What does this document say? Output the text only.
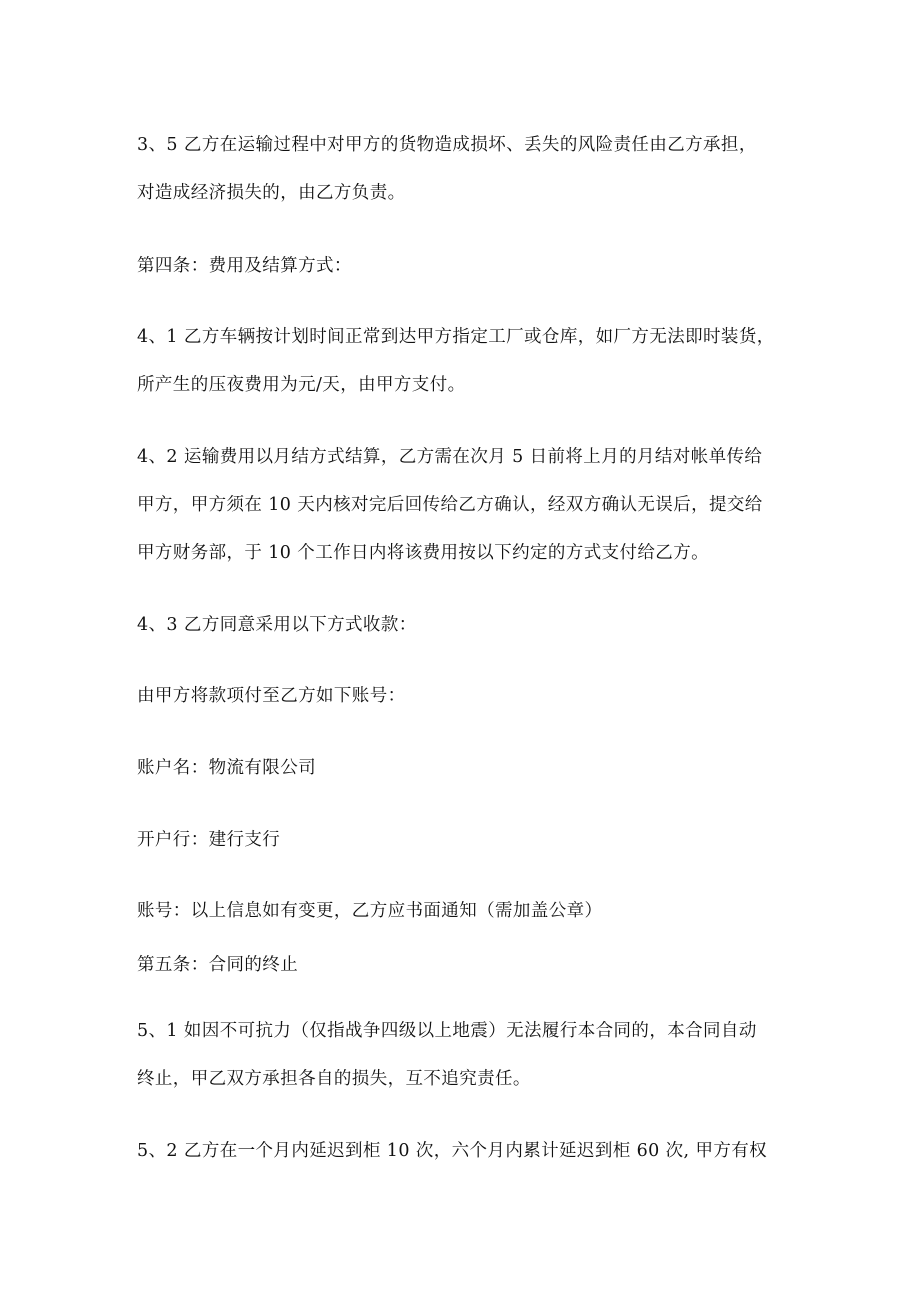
3、5 乙方在运输过程中对甲方的货物造成损坏、丢失的风险责任由乙方承担，
对造成经济损失的，由乙方负责。
第四条：费用及结算方式：
4、1 乙方车辆按计划时间正常到达甲方指定工厂或仓库，如厂方无法即时装货，
所产生的压夜费用为元/天，由甲方支付。
4、2 运输费用以月结方式结算，乙方需在次月 5 日前将上月的月结对帐单传给
甲方，甲方须在 10 天内核对完后回传给乙方确认，经双方确认无误后，提交给
甲方财务部，于 10 个工作日内将该费用按以下约定的方式支付给乙方。
4、3 乙方同意采用以下方式收款：
由甲方将款项付至乙方如下账号：
账户名：物流有限公司
开户行：建行支行
账号：以上信息如有变更，乙方应书面通知（需加盖公章）
第五条：合同的终止
5、1 如因不可抗力（仅指战争四级以上地震）无法履行本合同的，本合同自动
终止，甲乙双方承担各自的损失，互不追究责任。
5、2 乙方在一个月内延迟到柜 10 次，六个月内累计延迟到柜 60 次, 甲方有权
